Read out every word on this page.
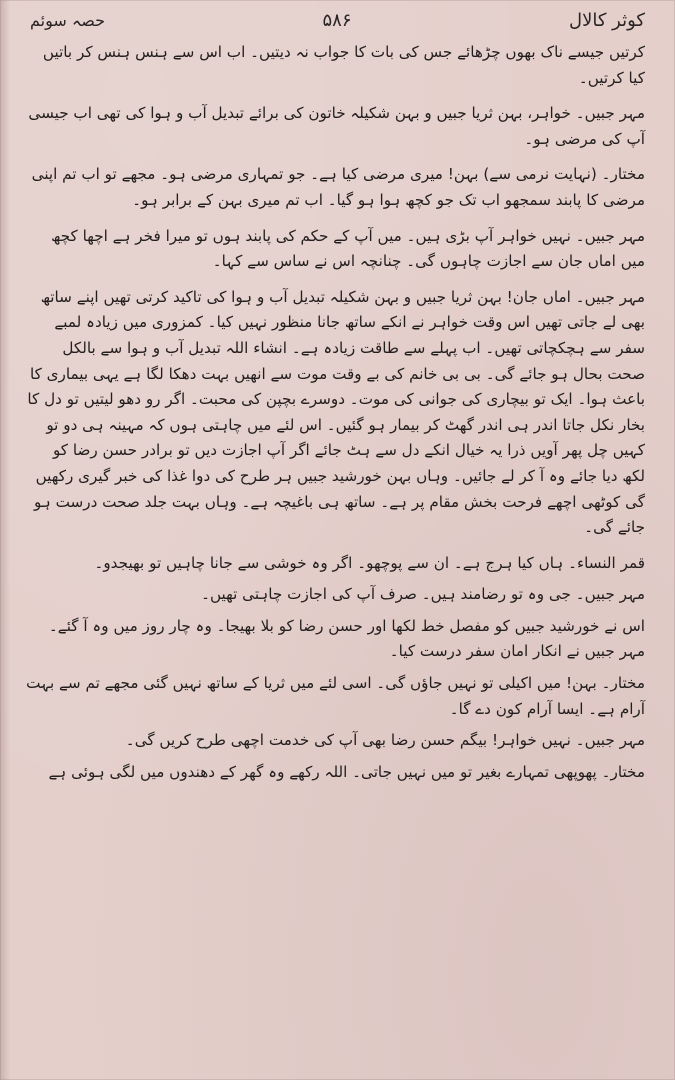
حصہ سوئم	۵۸۶	کوثر کالال

کرتیں جیسے ناک بھوں چڑھائے جس کی بات کا جواب نہ دیتیں۔ اب اس سے ہنس ہنس کر باتیں کیا کرتیں۔

مہر جبیں۔ خواہر، بہن ثریا جبیں و بہن شکیلہ خاتون کی برائے تبدیل آب و ہوا کی تھی اب جیسی آپ کی مرضی ہو۔

مختار۔ (نہایت نرمی سے) بہن! میری مرضی کیا ہے۔ جو تمہاری مرضی ہو۔ مجھے تو اب تم اپنی مرضی کا پابند سمجھو اب تک جو کچھ ہوا ہو گیا۔ اب تم میری بہن کے برابر ہو۔

مہر جبیں۔ نہیں خواہر آپ بڑی ہیں۔ میں آپ کے حکم کی پابند ہوں تو میرا فخر ہے اچھا کچھ میں اماں جان سے اجازت چاہوں گی۔ چنانچہ اس نے ساس سے کہا۔

مہر جبیں۔ اماں جان! بہن ثریا جبیں و بہن شکیلہ تبدیل آب و ہوا کی تاکید کرتی تھیں اپنے ساتھ بھی لے جاتی تھیں اس وقت خواہر نے انکے ساتھ جانا منظور نہیں کیا۔ کمزوری میں زیادہ لمبے سفر سے ہچکچاتی تھیں۔ اب پہلے سے طاقت زیادہ ہے۔ انشاء اللہ تبدیل آب و ہوا سے بالکل صحت بحال ہو جائے گی۔ بی بی خانم کی بے وقت موت سے انھیں بہت دھکا لگا ہے یہی بیماری کا باعث ہوا۔ ایک تو بیچاری کی جوانی کی موت۔ دوسرے بچپن کی محبت۔ اگر رو دھو لیتیں تو دل کا بخار نکل جاتا اندر ہی اندر گھٹ کر بیمار ہو گئیں۔ اس لئے میں چاہتی ہوں کہ مہینہ ہی دو تو کہیں چل پھر آویں ذرا یہ خیال انکے دل سے ہٹ جائے اگر آپ اجازت دیں تو برادر حسن رضا کو لکھ دیا جائے وہ آ کر لے جائیں۔ وہاں بہن خورشید جبیں ہر طرح کی دوا غذا کی خبر گیری رکھیں گی کوٹھی اچھے فرحت بخش مقام پر ہے۔ ساتھ ہی باغیچہ ہے۔ وہاں بہت جلد صحت درست ہو جائے گی۔

قمر النساء۔ ہاں کیا ہرج ہے۔ ان سے پوچھو۔ اگر وہ خوشی سے جانا چاہیں تو بھیجدو۔

مہر جبیں۔ جی وہ تو رضامند ہیں۔ صرف آپ کی اجازت چاہتی تھیں۔

اس نے خورشید جبیں کو مفصل خط لکھا اور حسن رضا کو بلا بھیجا۔ وہ چار روز میں وہ آ گئے۔ مہر جبیں نے انکار امان سفر درست کیا۔

مختار۔ بہن! میں اکیلی تو نہیں جاؤں گی۔ اسی لئے میں ثریا کے ساتھ نہیں گئی مجھے تم سے بہت آرام ہے۔ ایسا آرام کون دے گا۔

مہر جبیں۔ نہیں خواہر! بیگم حسن رضا بھی آپ کی خدمت اچھی طرح کریں گی۔

مختار۔ پھوپھی تمہارے بغیر تو میں نہیں جاتی۔ اللہ رکھے وہ گھر کے دھندوں میں لگی ہوئی ہے
